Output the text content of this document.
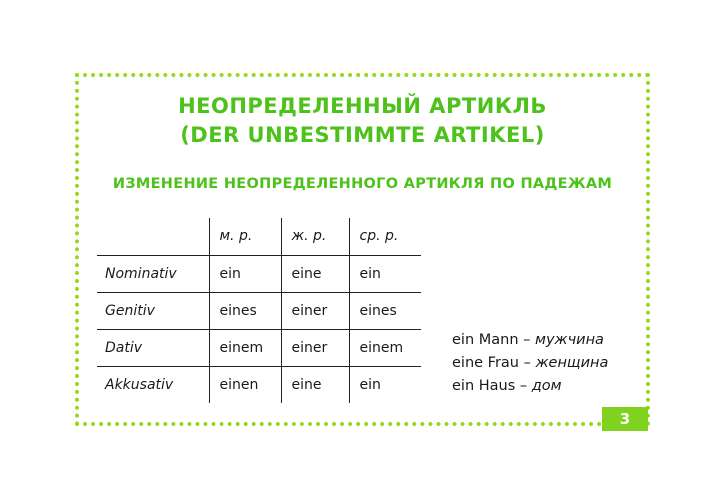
НЕОПРЕДЕЛЕННЫЙ АРТИКЛЬ
(DER UNBESTIMMTE ARTIKEL)
ИЗМЕНЕНИЕ НЕОПРЕДЕЛЕННОГО АРТИКЛЯ ПО ПАДЕЖАМ
	м. р.	ж. р.	ср. р.
Nominativ	ein	eine	ein
Genitiv	eines	einer	eines
Dativ	einem	einer	einem
Akkusativ	einen	eine	ein
ein Mann – мужчина
eine Frau – женщина
ein Haus – дом
3
